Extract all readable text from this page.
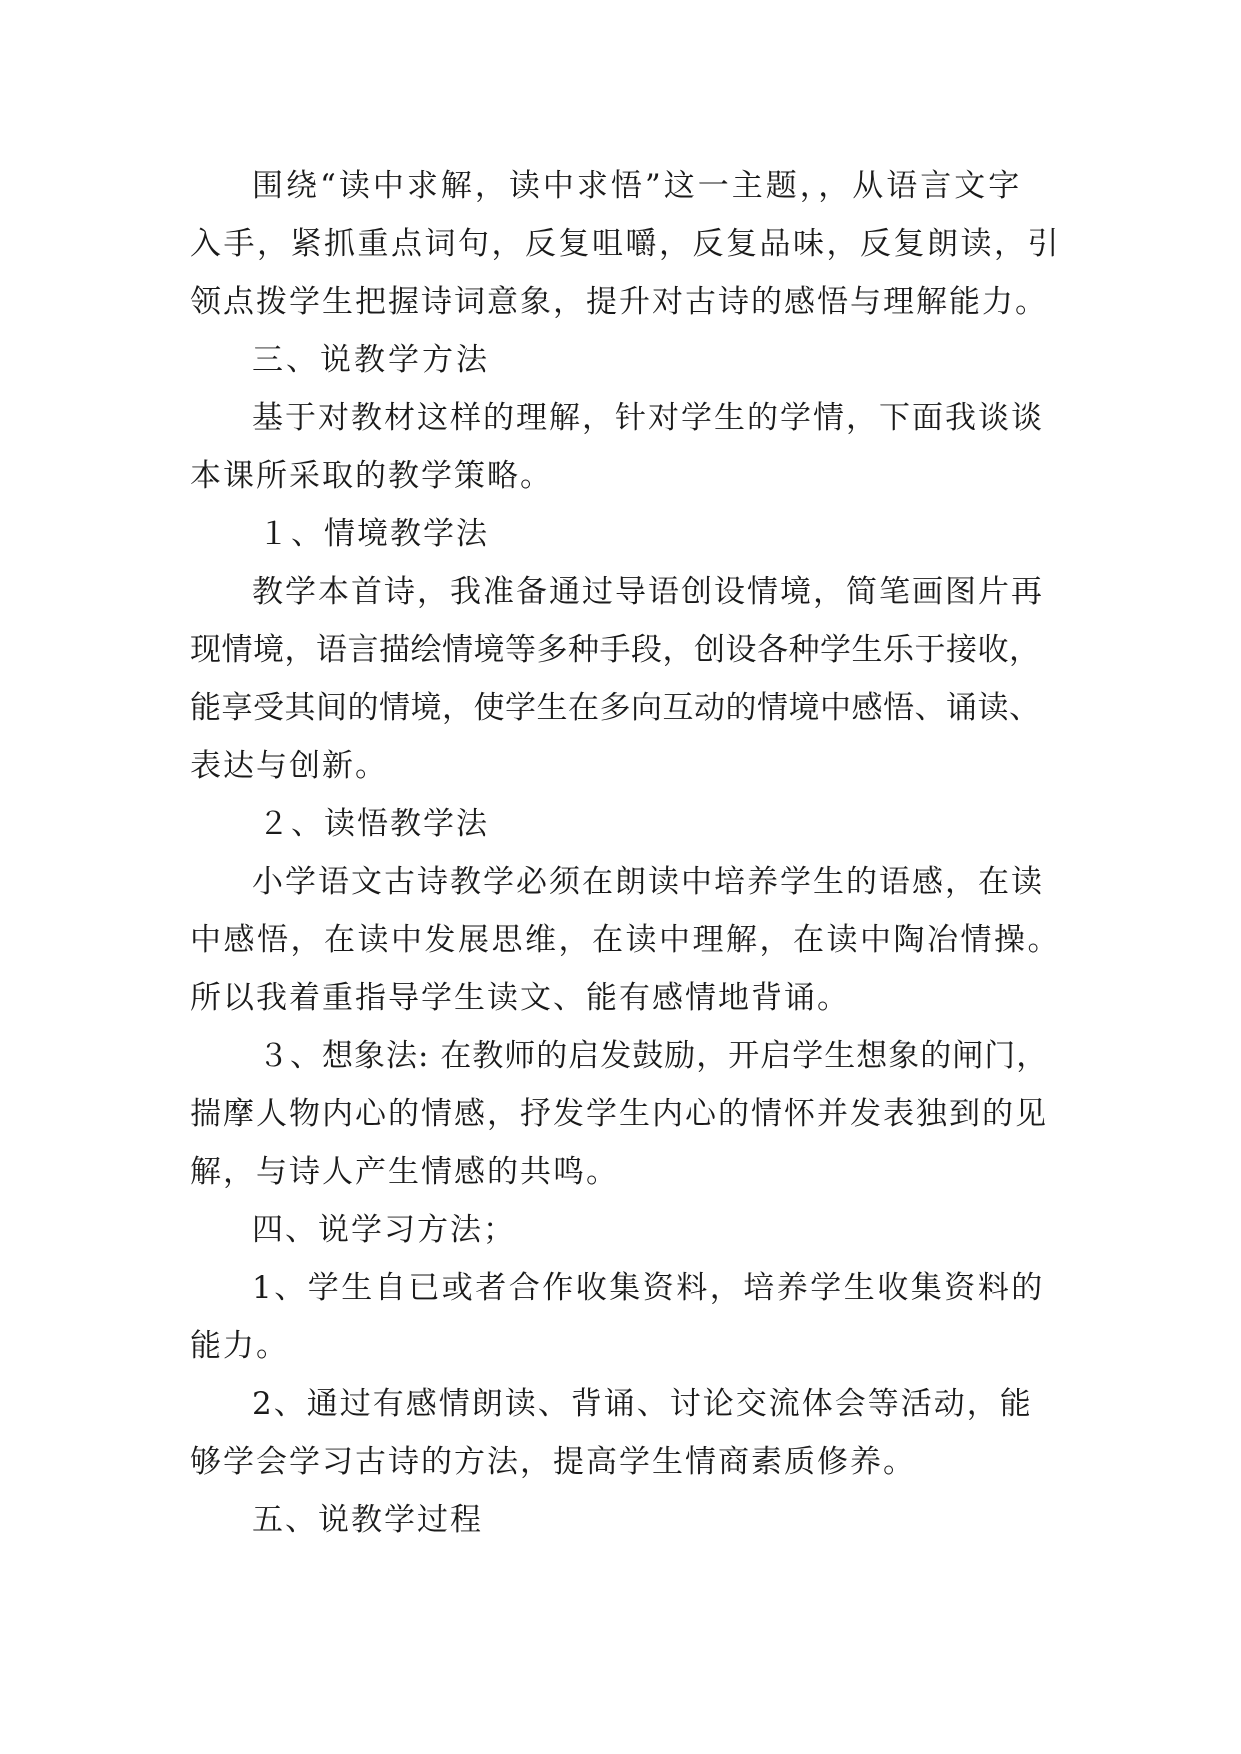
围绕“读中求解，读中求悟”这一主题，，从语言文字
入手，紧抓重点词句，反复咀嚼，反复品味，反复朗读，引
领点拨学生把握诗词意象，提升对古诗的感悟与理解能力。
三、说教学方法
基于对教材这样的理解，针对学生的学情，下面我谈谈
本课所采取的教学策略。
１、情境教学法
教学本首诗，我准备通过导语创设情境，简笔画图片再
现情境，语言描绘情境等多种手段，创设各种学生乐于接收，
能享受其间的情境，使学生在多向互动的情境中感悟、诵读、
表达与创新。
２、读悟教学法
小学语文古诗教学必须在朗读中培养学生的语感，在读
中感悟，在读中发展思维，在读中理解，在读中陶冶情操。
所以我着重指导学生读文、能有感情地背诵。
３、想象法: 在教师的启发鼓励，开启学生想象的闸门，
揣摩人物内心的情感，抒发学生内心的情怀并发表独到的见
解，与诗人产生情感的共鸣。
四、说学习方法；
1、学生自已或者合作收集资料，培养学生收集资料的
能力。
2、通过有感情朗读、背诵、讨论交流体会等活动，能
够学会学习古诗的方法，提高学生情商素质修养。
五、说教学过程
